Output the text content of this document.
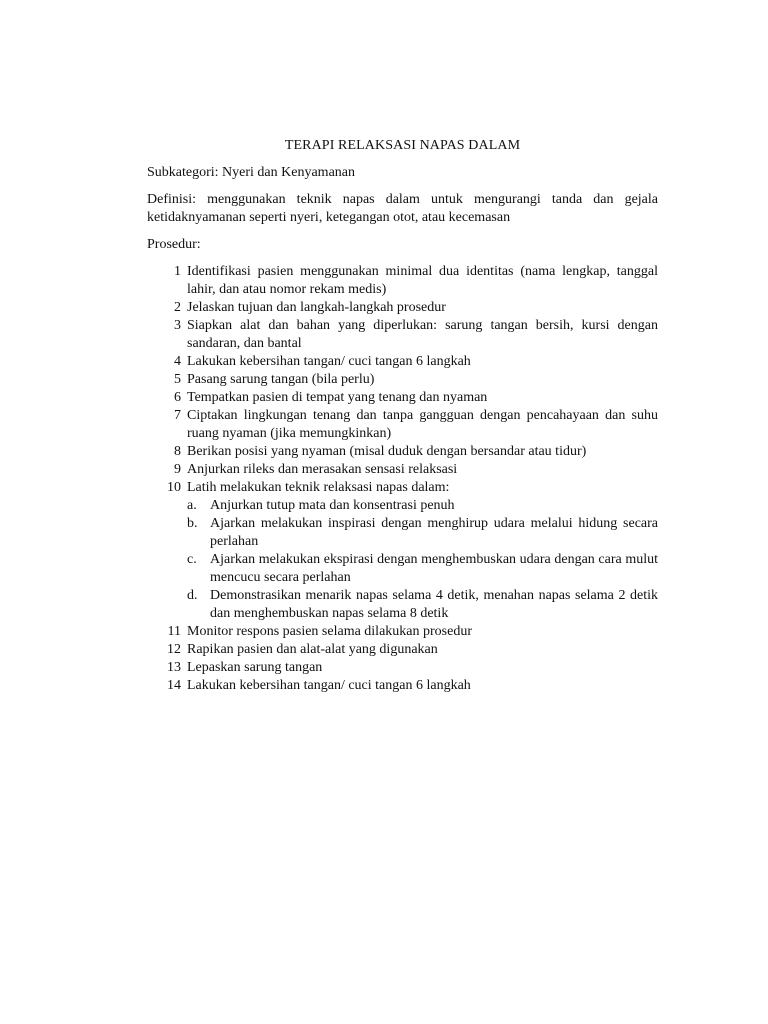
TERAPI RELAKSASI NAPAS DALAM
Subkategori: Nyeri dan Kenyamanan
Definisi: menggunakan teknik napas dalam untuk mengurangi tanda dan gejala ketidaknyamanan seperti nyeri, ketegangan otot, atau kecemasan
Prosedur:
1 Identifikasi pasien menggunakan minimal dua identitas (nama lengkap, tanggal lahir, dan atau nomor rekam medis)
2 Jelaskan tujuan dan langkah-langkah prosedur
3 Siapkan alat dan bahan yang diperlukan: sarung tangan bersih, kursi dengan sandaran, dan bantal
4 Lakukan kebersihan tangan/ cuci tangan 6 langkah
5 Pasang sarung tangan (bila perlu)
6 Tempatkan pasien di tempat yang tenang dan nyaman
7 Ciptakan lingkungan tenang dan tanpa gangguan dengan pencahayaan dan suhu ruang nyaman (jika memungkinkan)
8 Berikan posisi yang nyaman (misal duduk dengan bersandar atau tidur)
9 Anjurkan rileks dan merasakan sensasi relaksasi
10 Latih melakukan teknik relaksasi napas dalam:
a. Anjurkan tutup mata dan konsentrasi penuh
b. Ajarkan melakukan inspirasi dengan menghirup udara melalui hidung secara perlahan
c. Ajarkan melakukan ekspirasi dengan menghembuskan udara dengan cara mulut mencucu secara perlahan
d. Demonstrasikan menarik napas selama 4 detik, menahan napas selama 2 detik dan menghembuskan napas selama 8 detik
11 Monitor respons pasien selama dilakukan prosedur
12 Rapikan pasien dan alat-alat yang digunakan
13 Lepaskan sarung tangan
14 Lakukan kebersihan tangan/ cuci tangan 6 langkah
